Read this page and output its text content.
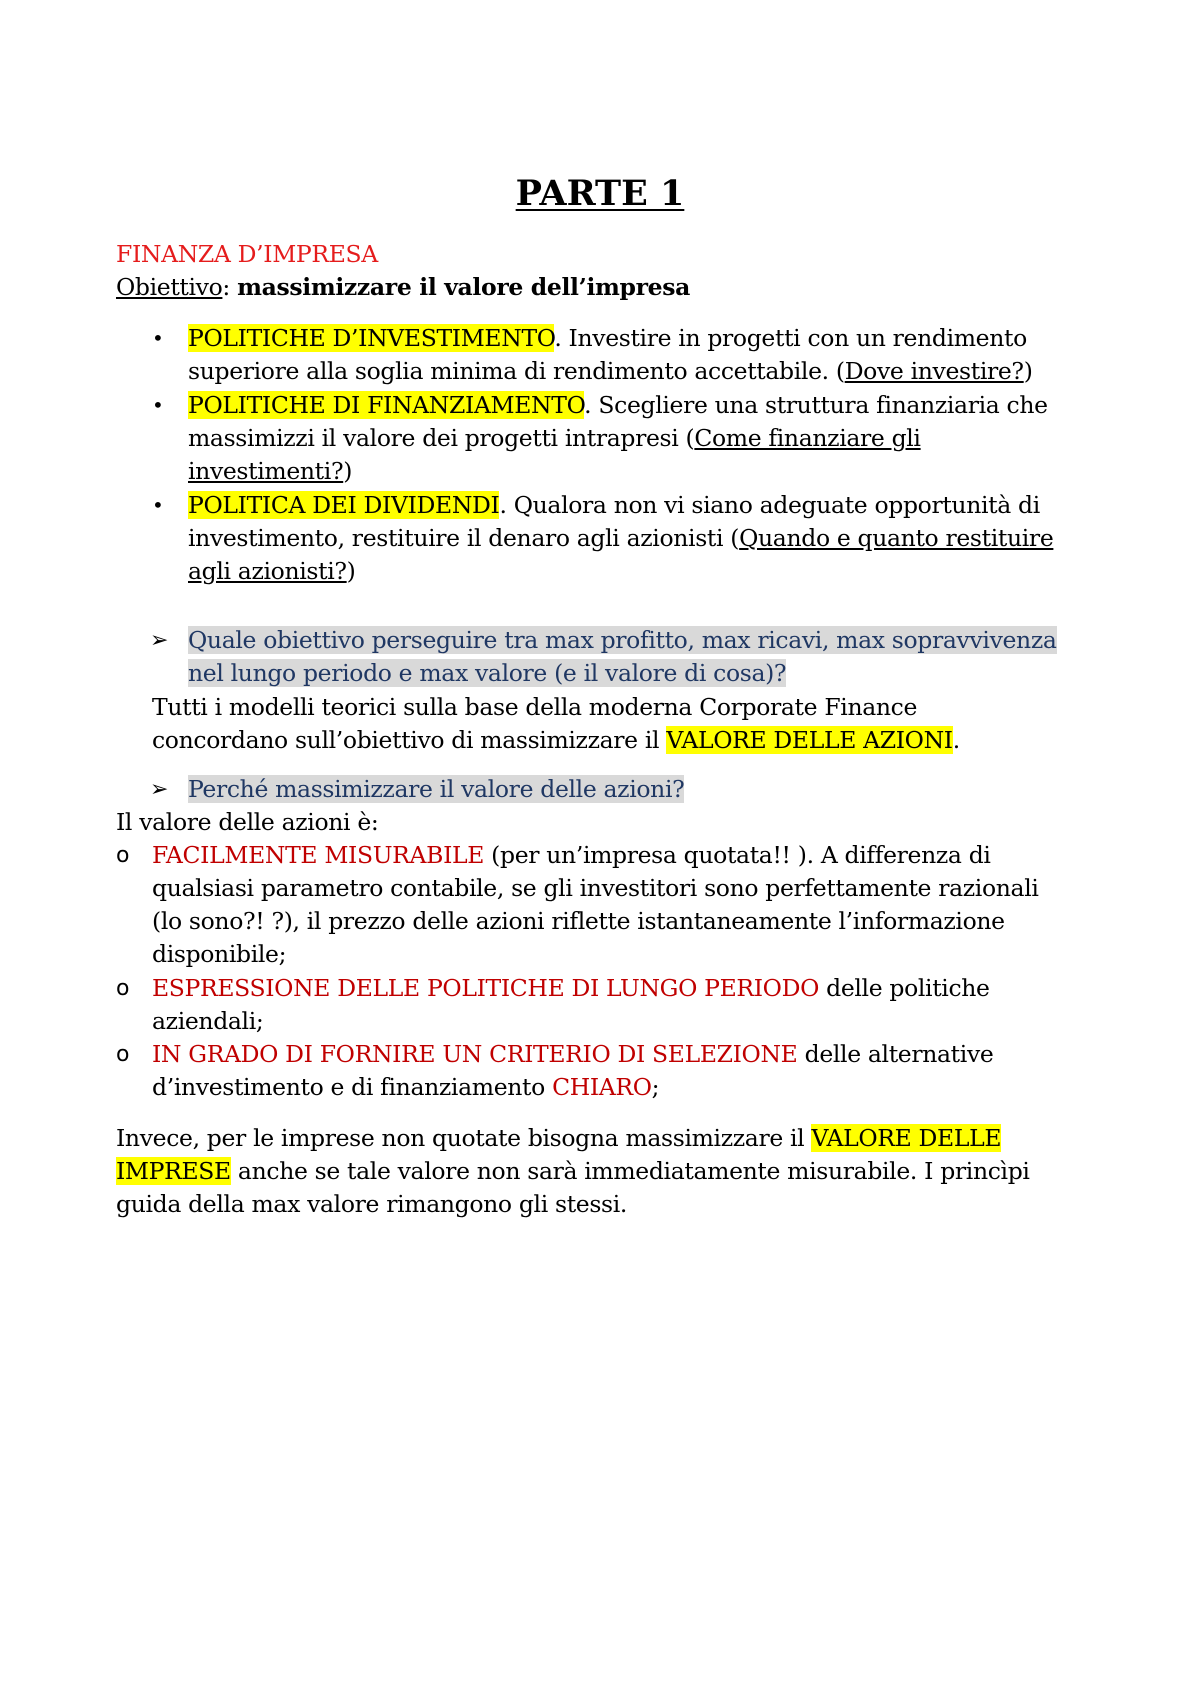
PARTE 1
FINANZA D’IMPRESA
Obiettivo: massimizzare il valore dell’impresa
• POLITICHE D’INVESTIMENTO. Investire in progetti con un rendimento
superiore alla soglia minima di rendimento accettabile. (Dove investire?)
• POLITICHE DI FINANZIAMENTO. Scegliere una struttura finanziaria che
massimizzi il valore dei progetti intrapresi (Come finanziare gli
investimenti?)
• POLITICA DEI DIVIDENDI. Qualora non vi siano adeguate opportunità di
investimento, restituire il denaro agli azionisti (Quando e quanto restituire
agli azionisti?)
➢ Quale obiettivo perseguire tra max profitto, max ricavi, max sopravvivenza
nel lungo periodo e max valore (e il valore di cosa)?
Tutti i modelli teorici sulla base della moderna Corporate Finance
concordano sull’obiettivo di massimizzare il VALORE DELLE AZIONI.
➢ Perché massimizzare il valore delle azioni?
Il valore delle azioni è:
o FACILMENTE MISURABILE (per un’impresa quotata!! ). A differenza di
qualsiasi parametro contabile, se gli investitori sono perfettamente razionali
(lo sono?! ?), il prezzo delle azioni riflette istantaneamente l’informazione
disponibile;
o ESPRESSIONE DELLE POLITICHE DI LUNGO PERIODO delle politiche
aziendali;
o IN GRADO DI FORNIRE UN CRITERIO DI SELEZIONE delle alternative
d’investimento e di finanziamento CHIARO;
Invece, per le imprese non quotate bisogna massimizzare il VALORE DELLE
IMPRESE anche se tale valore non sarà immediatamente misurabile. I princìpi
guida della max valore rimangono gli stessi.
